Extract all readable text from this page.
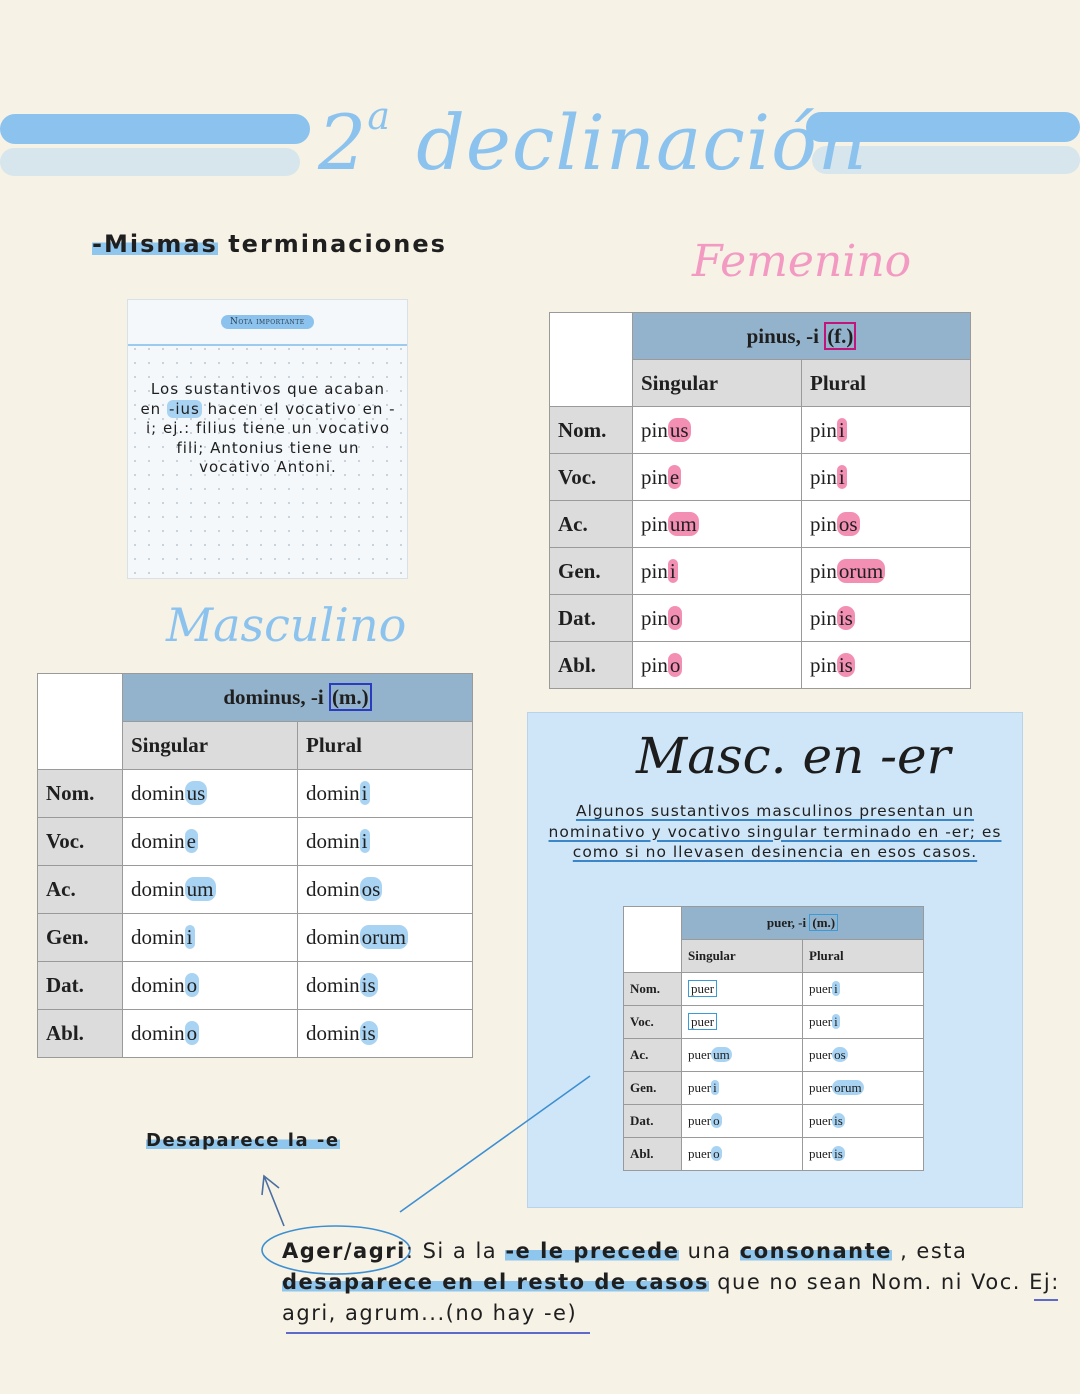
2$^a$ declinación
-Mismas terminaciones
Nota importante
Los sustantivos que acaban en -ius hacen el vocativo en -i; ej.: filius tiene un vocativo fili; Antonius tiene un vocativo Antoni.
Femenino
Masculino
	pinus, -i (f.)	
	Singular	Plural
Nom.	pinus	pini
Voc.	pine	pini
Ac.	pinum	pinos
Gen.	pini	pinorum
Dat.	pino	pinis
Abl.	pino	pinis
	dominus, -i (m.)	
	Singular	Plural
Nom.	dominus	domini
Voc.	domine	domini
Ac.	dominum	dominos
Gen.	domini	dominorum
Dat.	domino	dominis
Abl.	domino	dominis
Masc. en -er
Algunos sustantivos masculinos presentan un nominativo y vocativo singular terminado en -er; es como si no llevasen desinencia en esos casos.
	puer, -i (m.)	
	Singular	Plural
Nom.	puer	puer i
Voc.	puer	puer i
Ac.	puer um	puer os
Gen.	puer i	puer orum
Dat.	puer o	puer is
Abl.	puer o	puer is
Desaparece la -e
Ager/agri: Si a la -e le precede una consonante , esta desaparece en el resto de casos que no sean Nom. ni Voc. Ej:
agri, agrum...(no hay -e)
